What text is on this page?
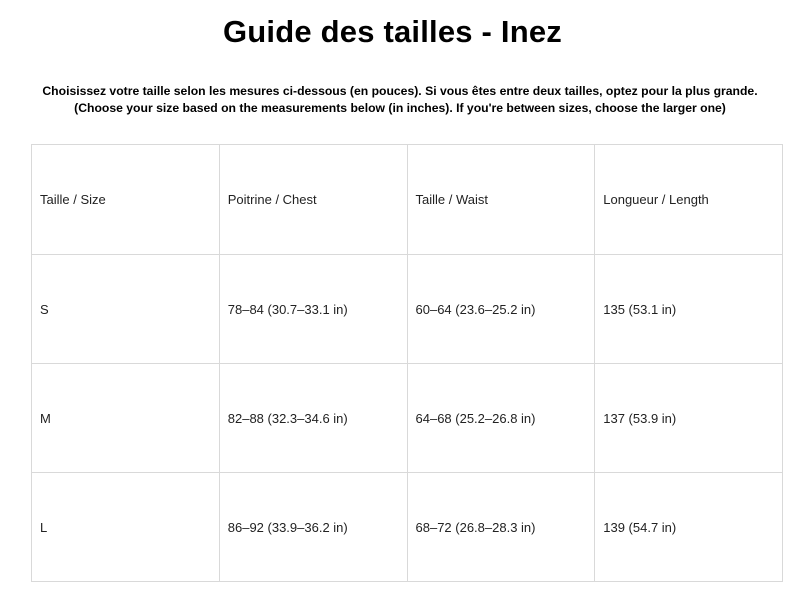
Guide des tailles - Inez

Choisissez votre taille selon les mesures ci-dessous (en pouces). Si vous êtes entre deux tailles, optez pour la plus grande.

(Choose your size based on the measurements below (in inches). If you're between sizes, choose the larger one)

Taille / Size	Poitrine / Chest	Taille / Waist	Longueur / Length
S	78–84 (30.7–33.1 in)	60–64 (23.6–25.2 in)	135 (53.1 in)
M	82–88 (32.3–34.6 in)	64–68 (25.2–26.8 in)	137 (53.9 in)
L	86–92 (33.9–36.2 in)	68–72 (26.8–28.3 in)	139 (54.7 in)
